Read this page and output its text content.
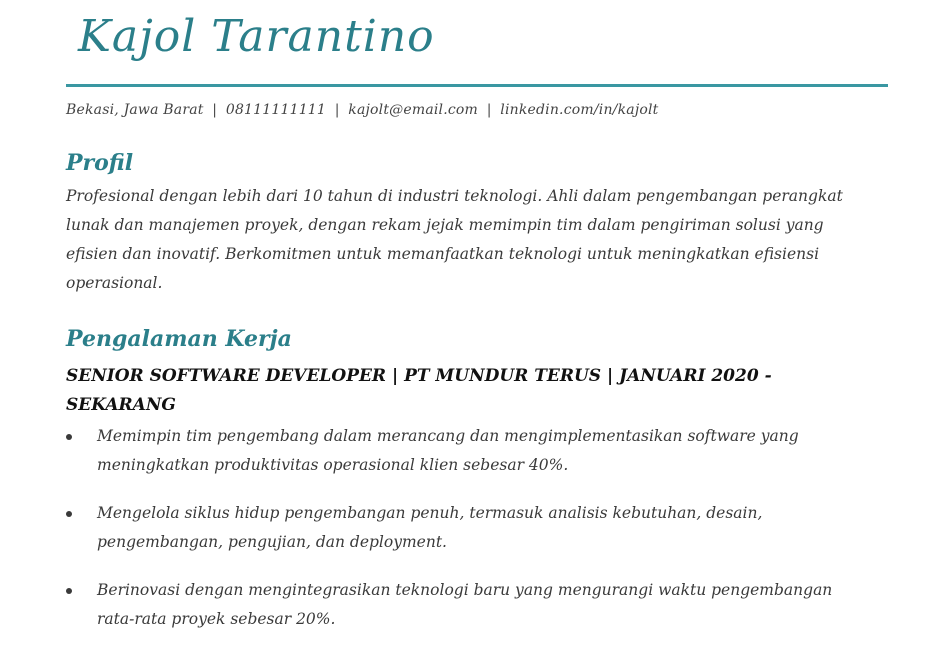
Kajol Tarantino
Bekasi, Jawa Barat | 08111111111 | kajolt@email.com | linkedin.com/in/kajolt
Profil
Profesional dengan lebih dari 10 tahun di industri teknologi. Ahli dalam pengembangan perangkat lunak dan manajemen proyek, dengan rekam jejak memimpin tim dalam pengiriman solusi yang efisien dan inovatif. Berkomitmen untuk memanfaatkan teknologi untuk meningkatkan efisiensi operasional.
Pengalaman Kerja
SENIOR SOFTWARE DEVELOPER | PT MUNDUR TERUS | JANUARI 2020 - SEKARANG
Memimpin tim pengembang dalam merancang dan mengimplementasikan software yang meningkatkan produktivitas operasional klien sebesar 40%.
Mengelola siklus hidup pengembangan penuh, termasuk analisis kebutuhan, desain, pengembangan, pengujian, dan deployment.
Berinovasi dengan mengintegrasikan teknologi baru yang mengurangi waktu pengembangan rata-rata proyek sebesar 20%.
